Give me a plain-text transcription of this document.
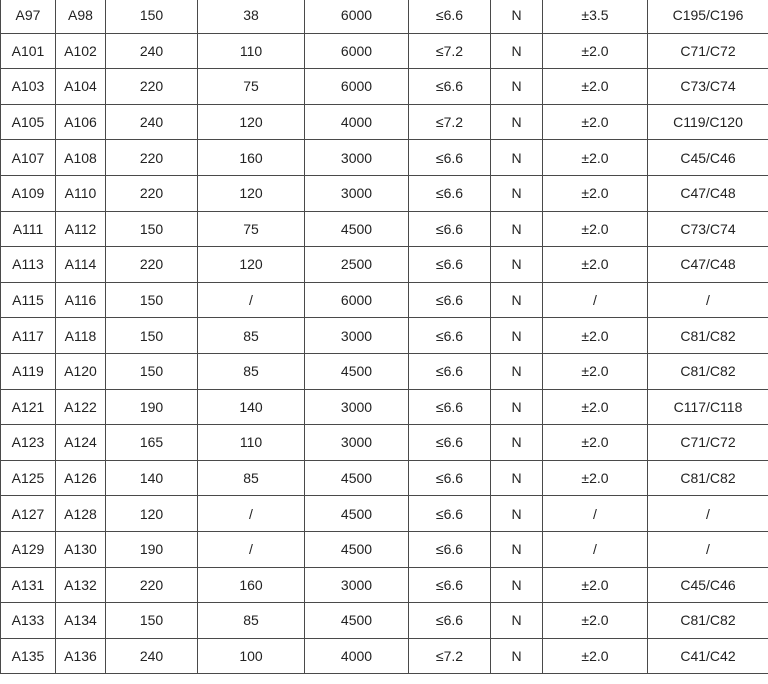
A97	A98	150	38	6000	≤6.6	N	±3.5	C195/C196
A101	A102	240	110	6000	≤7.2	N	±2.0	C71/C72
A103	A104	220	75	6000	≤6.6	N	±2.0	C73/C74
A105	A106	240	120	4000	≤7.2	N	±2.0	C119/C120
A107	A108	220	160	3000	≤6.6	N	±2.0	C45/C46
A109	A110	220	120	3000	≤6.6	N	±2.0	C47/C48
A111	A112	150	75	4500	≤6.6	N	±2.0	C73/C74
A113	A114	220	120	2500	≤6.6	N	±2.0	C47/C48
A115	A116	150	/	6000	≤6.6	N	/	/
A117	A118	150	85	3000	≤6.6	N	±2.0	C81/C82
A119	A120	150	85	4500	≤6.6	N	±2.0	C81/C82
A121	A122	190	140	3000	≤6.6	N	±2.0	C117/C118
A123	A124	165	110	3000	≤6.6	N	±2.0	C71/C72
A125	A126	140	85	4500	≤6.6	N	±2.0	C81/C82
A127	A128	120	/	4500	≤6.6	N	/	/
A129	A130	190	/	4500	≤6.6	N	/	/
A131	A132	220	160	3000	≤6.6	N	±2.0	C45/C46
A133	A134	150	85	4500	≤6.6	N	±2.0	C81/C82
A135	A136	240	100	4000	≤7.2	N	±2.0	C41/C42
